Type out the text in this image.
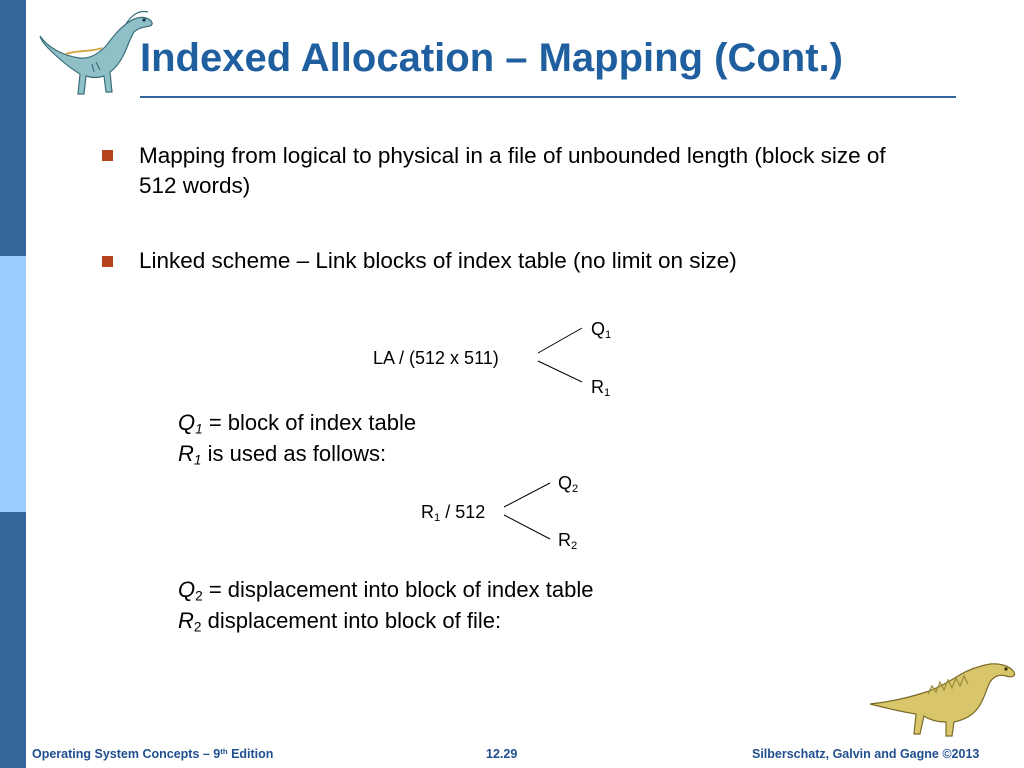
Indexed Allocation – Mapping (Cont.)
Mapping from logical to physical in a file of unbounded length (block size of 512 words)
Linked scheme – Link blocks of index table (no limit on size)
LA / (512 x 511)
$Q_1$
$R_1$
$Q_1$ = block of index table
$R_1$ is used as follows:
$R_1 / 512$
$Q_2$
$R_2$
$Q_2$ = displacement into block of index table
$R_2$ displacement into block of file:
Operating System Concepts – 9th Edition	12.29	Silberschatz, Galvin and Gagne ©2013
